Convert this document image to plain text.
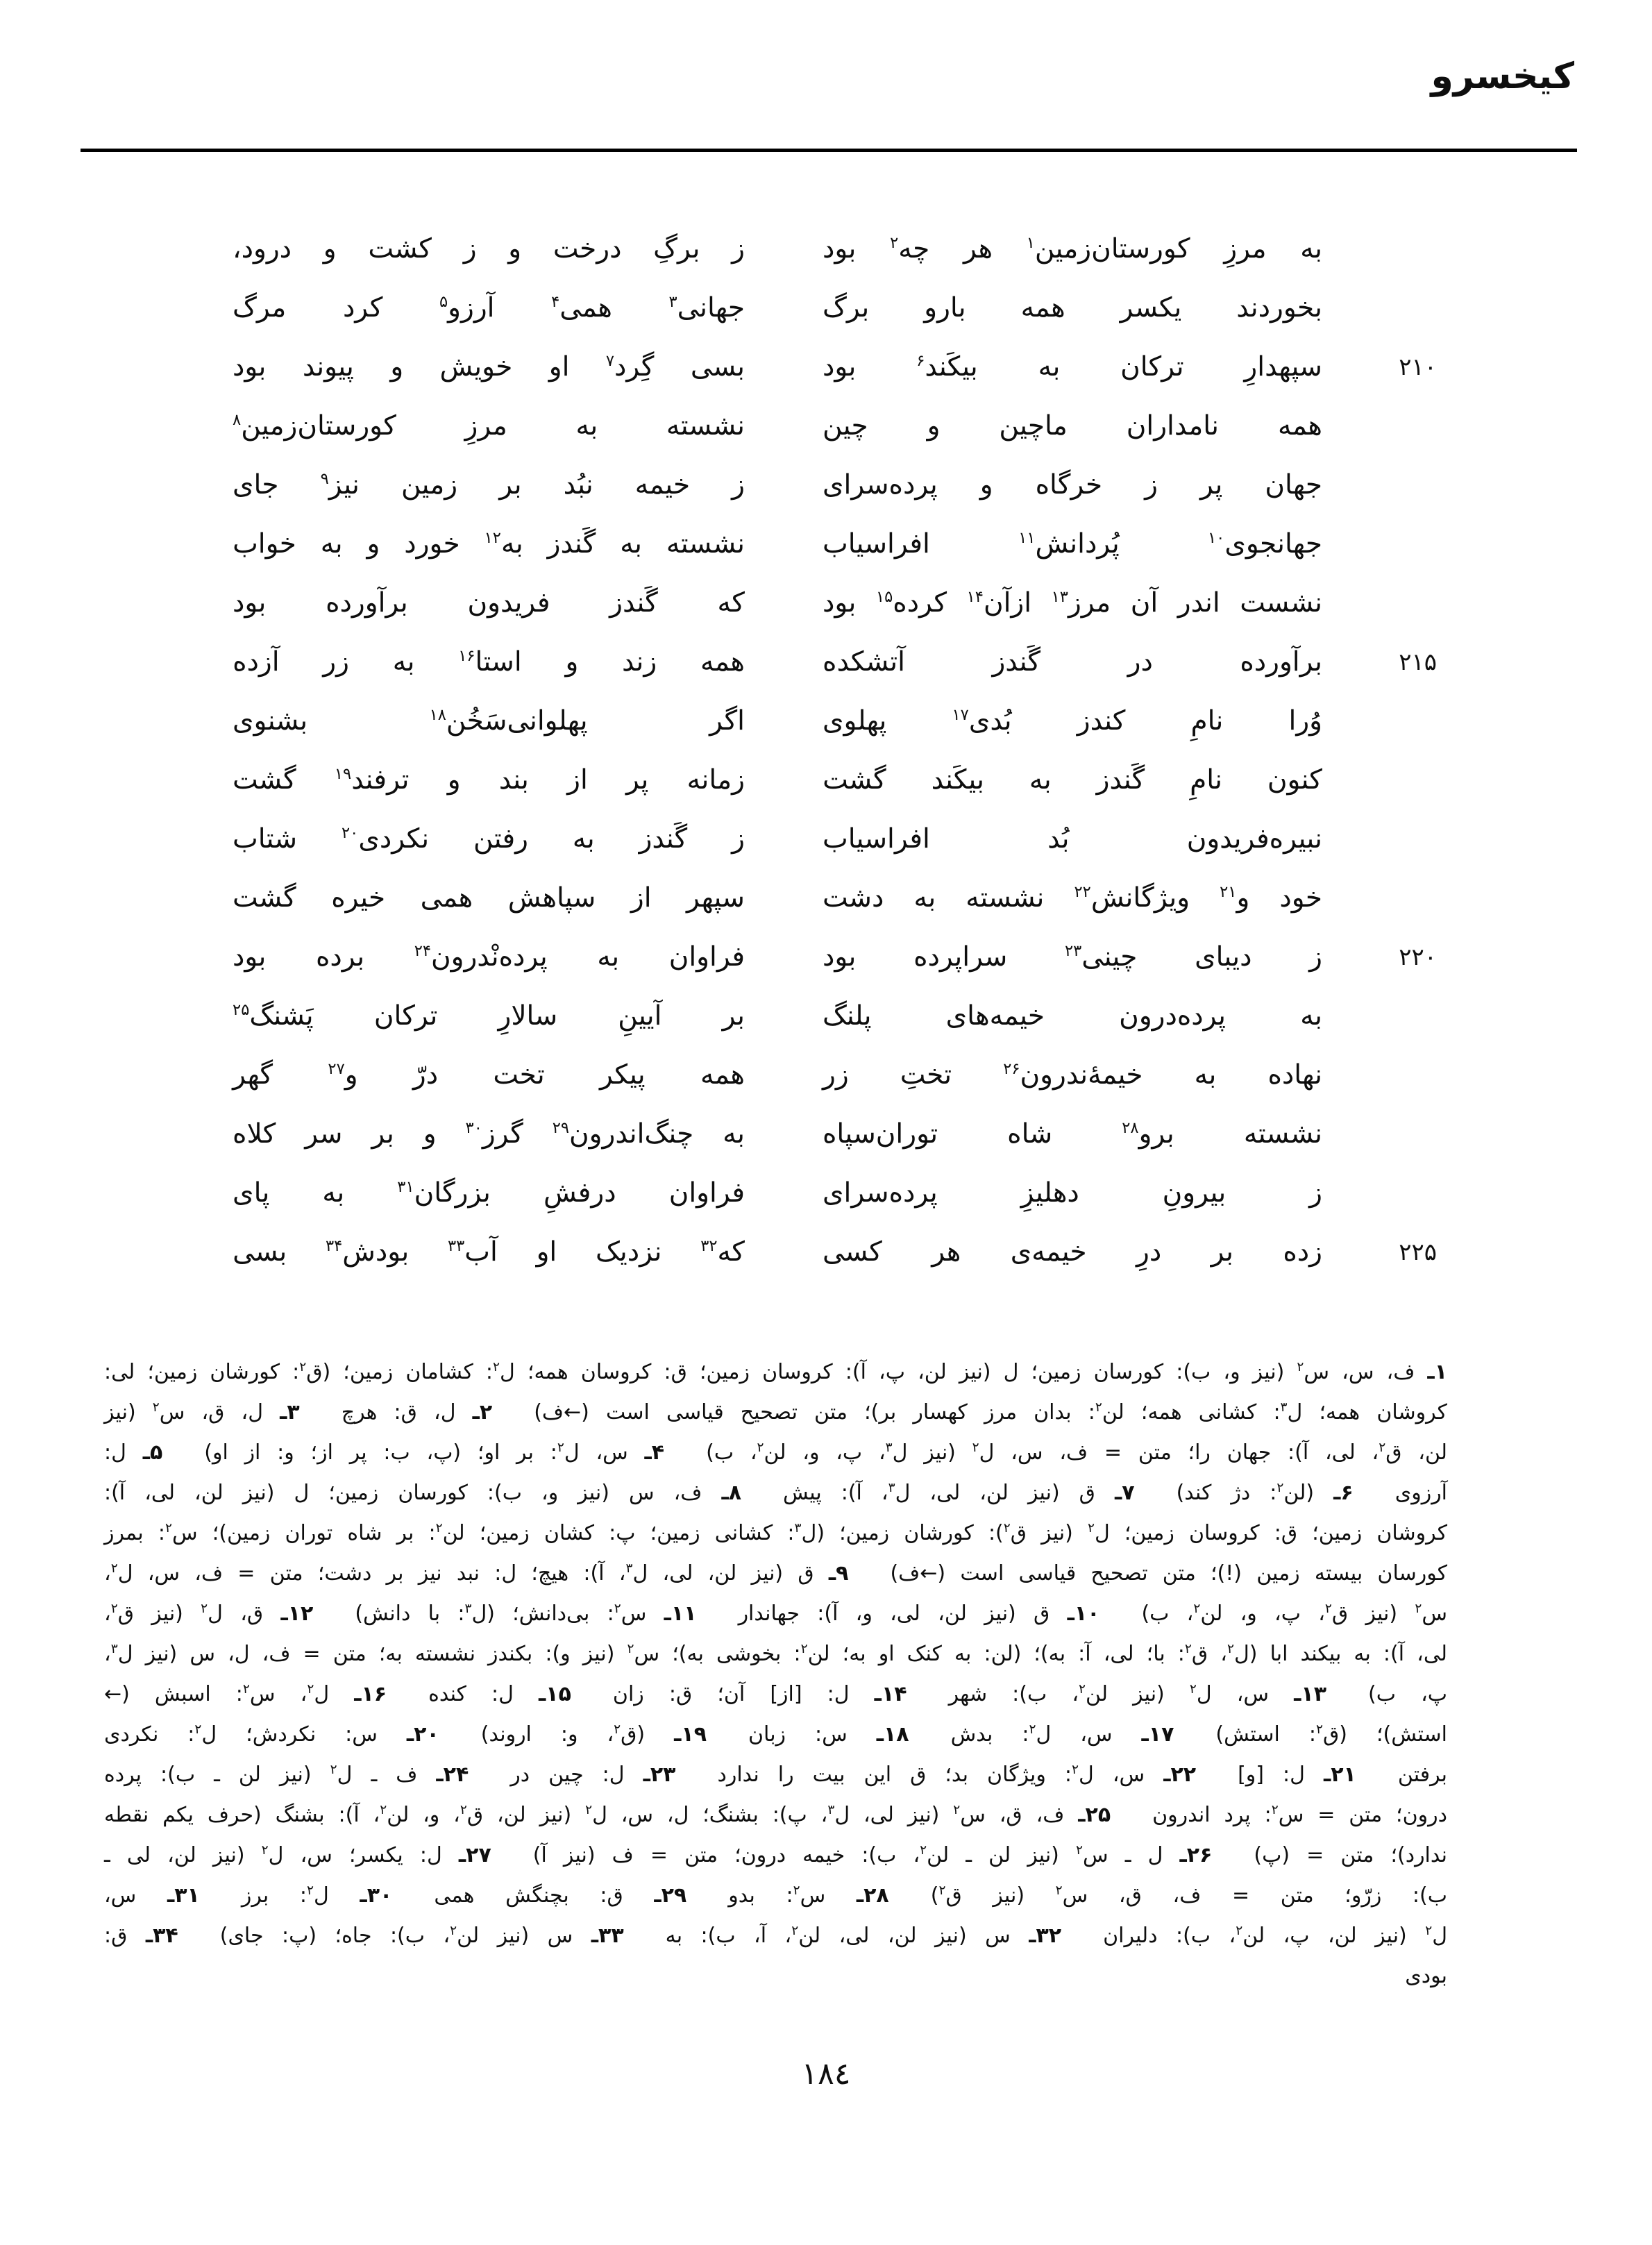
کیخسرو
به
مرزِ
کورستان‌زمین$^۱$
هر
چه$^۲$
بود
ز
برگِ
درخت
و
ز
کشت
و
درود،
بخوردند
یکسر
همه
بارو
برگ
جهانی$^۳$
همی$^۴$
آرزو$^۵$
کرد
مرگ
۲۱۰
سپهدارِ
ترکان
به
بیکَند$^۶$
بود
بسی
گِرد$^۷$
او
خویش
و
پیوند
بود
همه
نامداران
ماچین
و
چین
نشسته
به
مرزِ
کورستان‌زمین$^۸$
جهان
پر
ز
خرگاه
و
پرده‌سرای
ز
خیمه
نبُد
بر
زمین
نیز$^۹$
جای
جهانجوی$^{۱۰}$
پُردانش$^{۱۱}$
افراسیاب
نشسته
به
گَندز
به$^{۱۲}$
خورد
و
به
خواب
نشست
اندر
آن
مرز$^{۱۳}$
ازآن$^{۱۴}$
کرده$^{۱۵}$
بود
که
گَندز
فریدون
برآورده
بود
۲۱۵
برآورده
در
گَندز
آتشکده
همه
زند
و
استا$^{۱۶}$
به
زر
آزده
وُرا
نامِ
کندز
بُدی$^{۱۷}$
پهلوی
اگر
پهلوانی‌سَخُن$^{۱۸}$
بشنوی
کنون
نامِ
گَندز
به
بیکَند
گشت
زمانه
پر
از
بند
و
ترفند$^{۱۹}$
گشت
نبیره‌فریدون
بُد
افراسیاب
ز
گَندز
به
رفتن
نکردی$^{۲۰}$
شتاب
خود
و$^{۲۱}$
ویژگانش$^{۲۲}$
نشسته
به
دشت
سپهر
از
سپاهش
همی
خیره
گشت
۲۲۰
ز
دیبای
چینی$^{۲۳}$
سراپرده
بود
فراوان
به
پرده‌نْدرون$^{۲۴}$
برده
بود
به
پرده‌درون
خیمه‌های
پلنگ
بر
آیینِ
سالارِ
ترکان
پَشنگ$^{۲۵}$
نهاده
به
خیمهٔ‌ندرون$^{۲۶}$
تختِ
زر
همه
پیکر
تخت
درّ
و$^{۲۷}$
گهر
نشسته
برو$^{۲۸}$
شاه
توران‌سپاه
به
چنگ‌اندرون$^{۲۹}$
گرز$^{۳۰}$
و
بر
سر
کلاه
ز
بیرونِ
دهلیزِ
پرده‌سرای
فراوان
درفشِ
بزرگان$^{۳۱}$
به
پای
۲۲۵
زده
بر
درِ
خیمه‌ی
هر
کسی
که$^{۳۲}$
نزدیک
او
آب$^{۳۳}$
بودش$^{۳۴}$
بسی
۱ـ ف، س، س$^۲$ (نیز و، ب): کورسان زمین؛ ل (نیز لن، پ، آ): کروسان زمین؛ ق: کروسان همه؛ ل$^۲$: کشامان زمین؛ (ق$^۲$: کورشان زمین؛ لی:
کروشان همه؛ ل$^۳$: کشانی همه؛ لن$^۲$: بدان مرز کهسار بر)؛ متن تصحیح قیاسی است (←ف)  ۲ـ ل، ق: هرچ  ۳ـ ل، ق، س$^۲$ (نیز
لن، ق$^۲$، لی، آ): جهان را؛ متن = ف، س، ل$^۲$ (نیز ل$^۳$، پ، و، لن$^۲$، ب)  ۴ـ س، ل$^۲$: بر او؛ (پ، ب: پر از؛ و: از او)  ۵ـ ل:
آرزوی  ۶ـ (لن$^۲$: دژ کند)  ۷ـ ق (نیز لن، لی، ل$^۳$، آ): پیش  ۸ـ ف، س (نیز و، ب): کورسان زمین؛ ل (نیز لن، لی، آ):
کروشان زمین؛ ق: کروسان زمین؛ ل$^۲$ (نیز ق$^۲$): کورشان زمین؛ (ل$^۳$: کشانی زمین؛ پ: کشان زمین؛ لن$^۲$: بر شاه توران زمین)؛ س$^۲$: بمرز
کورسان بیسته زمین (!)؛ متن تصحیح قیاسی است (←ف)  ۹ـ ق (نیز لن، لی، ل$^۳$، آ): هیچ؛ ل: نبد نیز بر دشت؛ متن = ف، س، ل$^۲$،
س$^۲$ (نیز ق$^۲$، پ، و، لن$^۲$، ب)  ۱۰ـ ق (نیز لن، لی، و، آ): جهاندار  ۱۱ـ س$^۲$: بی‌دانش؛ (ل$^۳$: با دانش)  ۱۲ـ ق، ل$^۲$ (نیز ق$^۲$،
لی، آ): به بیکند ابا (ل$^۲$، ق$^۲$: با؛ لی، آ: به)؛ (لن: به کنک او به؛ لن$^۲$: بخوشی به)؛ س$^۲$ (نیز و): بکندز نشسته به؛ متن = ف، ل، س (نیز ل$^۳$،
پ، ب)  ۱۳ـ س، ل$^۲$ (نیز لن$^۲$، ب): شهر  ۱۴ـ ل: [از] آن؛ ق: زان  ۱۵ـ ل: کنده  ۱۶ـ ل$^۲$، س$^۲$: اسبش (←
استش)؛ (ق$^۲$: استش)  ۱۷ـ س، ل$^۲$: بدش  ۱۸ـ س: زبان  ۱۹ـ (ق$^۲$، و: اروند)  ۲۰ـ س: نکردش؛ ل$^۲$: نکردی
برفتن  ۲۱ـ ل: [و]  ۲۲ـ س، ل$^۲$: ویژگان بد؛ ق این بیت را ندارد  ۲۳ـ ل: چین در  ۲۴ـ ف ـ ل$^۲$ (نیز لن ـ ب): پرده
درون؛ متن = س$^۲$: پرد اندرون  ۲۵ـ ف، ق، س$^۲$ (نیز لی، ل$^۳$، پ): بشنگ؛ ل، س، ل$^۲$ (نیز لن، ق$^۲$، و، لن$^۲$، آ): بشنگ (حرف یکم نقطه
ندارد)؛ متن = (پ)  ۲۶ـ ل ـ س$^۲$ (نیز لن ـ لن$^۲$، ب): خیمه درون؛ متن = ف (نیز آ)  ۲۷ـ ل: یکسر؛ س، ل$^۲$ (نیز لن، لی ـ
ب): زرّو؛ متن = ف، ق، س$^۲$ (نیز ق$^۲$)  ۲۸ـ س$^۲$: بدو  ۲۹ـ ق: بچنگش همی  ۳۰ـ ل$^۲$: برز  ۳۱ـ س،
ل$^۲$ (نیز لن، پ، لن$^۲$، ب): دلیران  ۳۲ـ س (نیز لن، لی، لن$^۲$، آ، ب): به  ۳۳ـ س (نیز لن$^۲$، ب): جاه؛ (پ: جای)  ۳۴ـ ق:
بودی
١٨٤
